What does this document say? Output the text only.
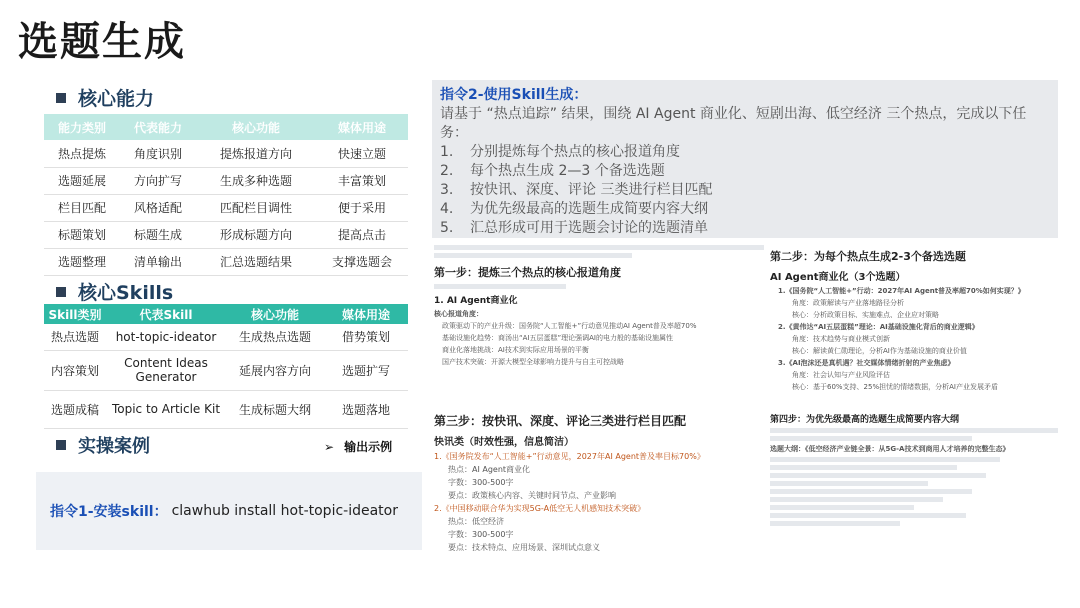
选题生成
核心能力
能力类别	代表能力	核心功能	媒体用途
热点提炼	角度识别	提炼报道方向	快速立题
选题延展	方向扩写	生成多种选题	丰富策划
栏目匹配	风格适配	匹配栏目调性	便于采用
标题策划	标题生成	形成标题方向	提高点击
选题整理	清单输出	汇总选题结果	支撑选题会
核心Skills
Skill类别	代表Skill	核心功能	媒体用途
热点选题	hot-topic-ideator	生成热点选题	借势策划
内容策划	Content Ideas Generator	延展内容方向	选题扩写
选题成稿	Topic to Article Kit	生成标题大纲	选题落地
实操案例	➢ 输出示例
指令1-安装skill： clawhub install hot-topic-ideator
指令2-使用Skill生成：
请基于 “热点追踪” 结果，围绕 AI Agent 商业化、短剧出海、低空经济 三个热点，完成以下任务：
1.	分别提炼每个热点的核心报道角度
2.	每个热点生成 2—3 个备选选题
3.	按快讯、深度、评论 三类进行栏目匹配
4.	为优先级最高的选题生成简要内容大纲
5.	汇总形成可用于选题会讨论的选题清单
第一步：提炼三个热点的核心报道角度
1. AI Agent商业化
核心报道角度：
政策驱动下的产业升级：国务院“人工智能+”行动意见推动AI Agent普及率超70%
基础设施化趋势：商汤出“AI五层蛋糕”理论强调AI的电力般的基础设施属性
商业化落地挑战：AI技术到实际应用场景的平衡
国产技术突破：开源大模型全球影响力提升与自主可控战略
第三步：按快讯、深度、评论三类进行栏目匹配
快讯类（时效性强，信息简洁）
1.《国务院发布“人工智能+”行动意见，2027年AI Agent普及率目标70%》
热点：AI Agent商业化
字数：300-500字
要点：政策核心内容、关键时间节点、产业影响
2.《中国移动联合华为实现5G-A低空无人机感知技术突破》
热点：低空经济
字数：300-500字
要点：技术特点、应用场景、深圳试点意义
第二步：为每个热点生成2-3个备选选题
AI Agent商业化（3个选题）
1.《国务院“人工智能+”行动：2027年AI Agent普及率超70%如何实现？》
角度：政策解读与产业落地路径分析
核心：分析政策目标、实施难点、企业应对策略
2.《黄伟达“AI五层蛋糕”理论：AI基础设施化背后的商业逻辑》
角度：技术趋势与商业模式创新
核心：解读黄仁勋理论，分析AI作为基础设施的商业价值
3.《AI泡沫还是真机遇？社交媒体情绪折射的产业焦虑》
角度：社会认知与产业风险评估
核心：基于60%支持、25%担忧的情绪数据，分析AI产业发展矛盾
第四步：为优先级最高的选题生成简要内容大纲
选题大纲：《低空经济产业链全景：从5G-A技术到商用人才培养的完整生态》
